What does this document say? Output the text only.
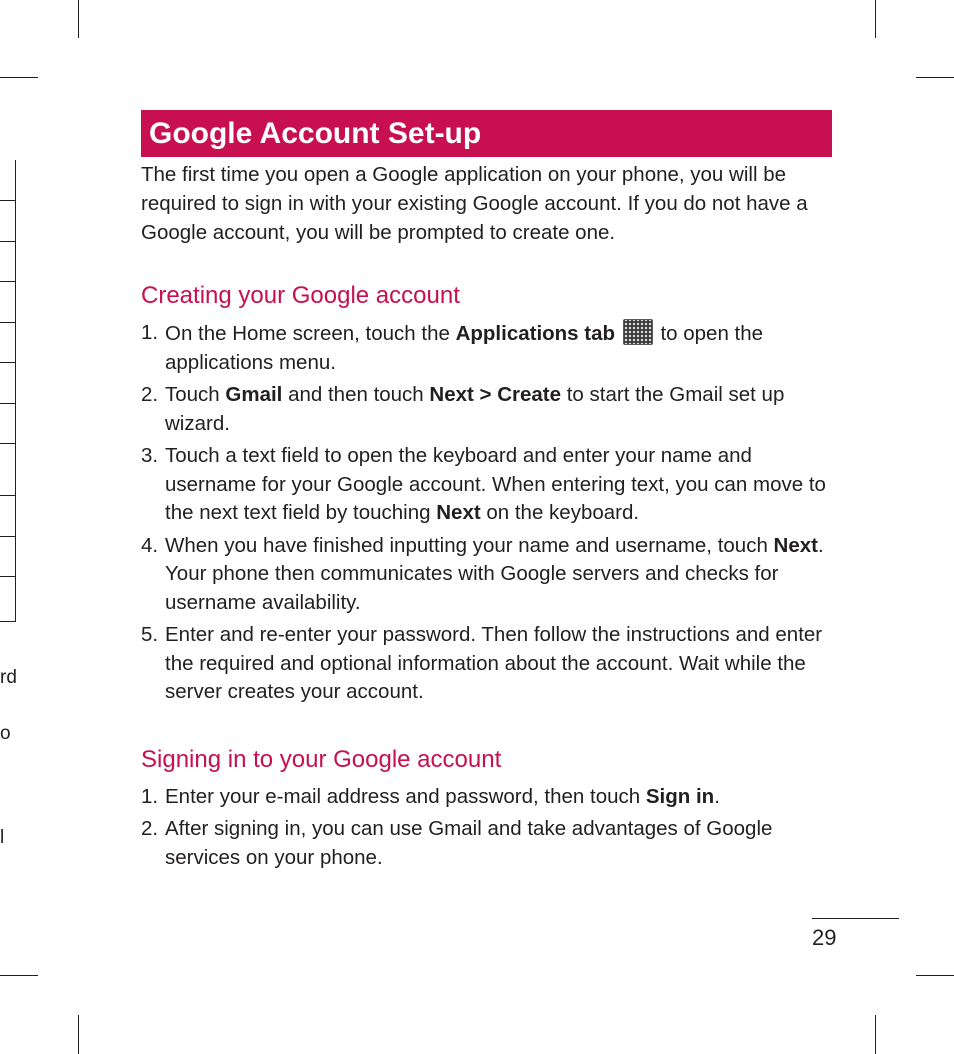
rd
o
l
Google Account Set-up

The first time you open a Google application on your phone, you will be required to sign in with your existing Google account. If you do not have a Google account, you will be prompted to create one.

Creating your Google account
1. On the Home screen, touch the Applications tab  to open the applications menu.
2. Touch Gmail and then touch Next > Create to start the Gmail set up wizard.
3. Touch a text field to open the keyboard and enter your name and username for your Google account. When entering text, you can move to the next text field by touching Next on the keyboard.
4. When you have finished inputting your name and username, touch Next. Your phone then communicates with Google servers and checks for username availability.
5. Enter and re-enter your password. Then follow the instructions and enter the required and optional information about the account. Wait while the server creates your account.
Signing in to your Google account
1. Enter your e-mail address and password, then touch Sign in.
2. After signing in, you can use Gmail and take advantages of Google services on your phone.
29
